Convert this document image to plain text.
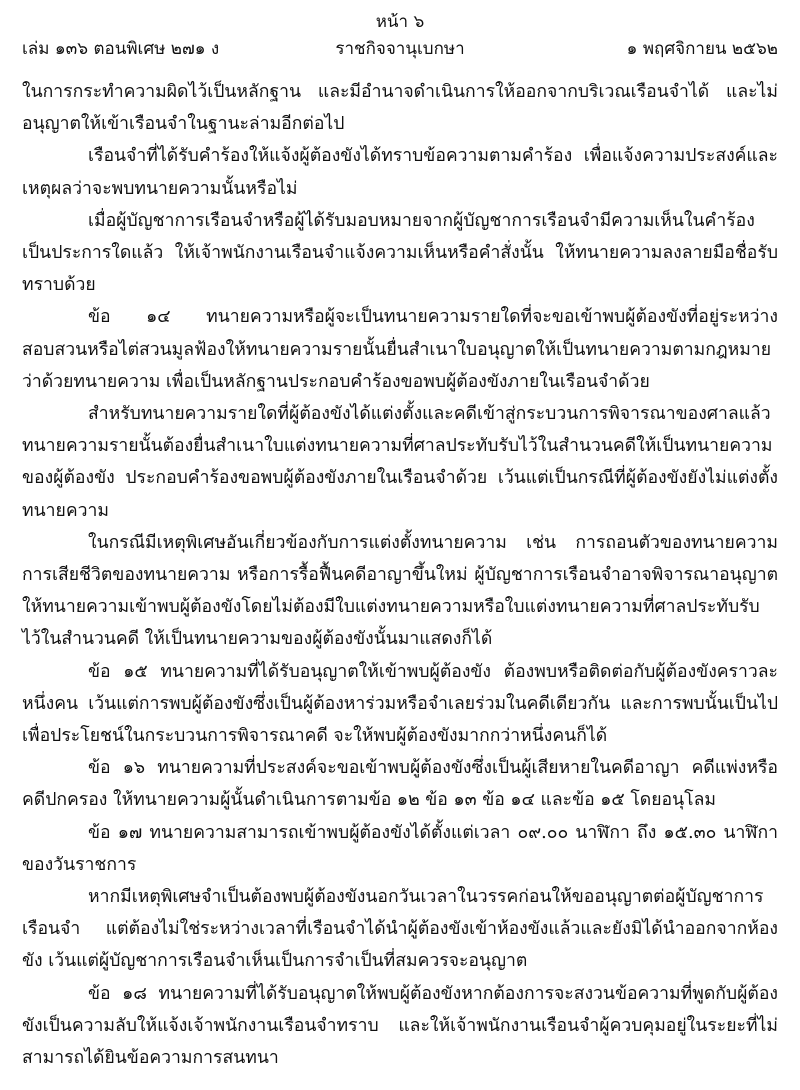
หน้า ๖
เล่ม ๑๓๖ ตอนพิเศษ ๒๗๑ ง	ราชกิจจานุเบกษา	๑ พฤศจิกายน ๒๕๖๒

ในการกระทำความผิดไว้เป็นหลักฐาน และมีอำนาจดำเนินการให้ออกจากบริเวณเรือนจำได้ และไม่อนุญาตให้เข้าเรือนจำในฐานะล่ามอีกต่อไป

เรือนจำที่ได้รับคำร้องให้แจ้งผู้ต้องขังได้ทราบข้อความตามคำร้อง เพื่อแจ้งความประสงค์และเหตุผลว่าจะพบทนายความนั้นหรือไม่

เมื่อผู้บัญชาการเรือนจำหรือผู้ได้รับมอบหมายจากผู้บัญชาการเรือนจำมีความเห็นในคำร้องเป็นประการใดแล้ว ให้เจ้าพนักงานเรือนจำแจ้งความเห็นหรือคำสั่งนั้น ให้ทนายความลงลายมือชื่อรับทราบด้วย

ข้อ ๑๔ ทนายความหรือผู้จะเป็นทนายความรายใดที่จะขอเข้าพบผู้ต้องขังที่อยู่ระหว่างสอบสวนหรือไต่สวนมูลฟ้องให้ทนายความรายนั้นยื่นสำเนาใบอนุญาตให้เป็นทนายความตามกฎหมายว่าด้วยทนายความ เพื่อเป็นหลักฐานประกอบคำร้องขอพบผู้ต้องขังภายในเรือนจำด้วย

สำหรับทนายความรายใดที่ผู้ต้องขังได้แต่งตั้งและคดีเข้าสู่กระบวนการพิจารณาของศาลแล้ว ทนายความรายนั้นต้องยื่นสำเนาใบแต่งทนายความที่ศาลประทับรับไว้ในสำนวนคดีให้เป็นทนายความของผู้ต้องขัง ประกอบคำร้องขอพบผู้ต้องขังภายในเรือนจำด้วย เว้นแต่เป็นกรณีที่ผู้ต้องขังยังไม่แต่งตั้งทนายความ

ในกรณีมีเหตุพิเศษอันเกี่ยวข้องกับการแต่งตั้งทนายความ เช่น การถอนตัวของทนายความ การเสียชีวิตของทนายความ หรือการรื้อฟื้นคดีอาญาขึ้นใหม่ ผู้บัญชาการเรือนจำอาจพิจารณาอนุญาตให้ทนายความเข้าพบผู้ต้องขังโดยไม่ต้องมีใบแต่งทนายความหรือใบแต่งทนายความที่ศาลประทับรับไว้ในสำนวนคดี ให้เป็นทนายความของผู้ต้องขังนั้นมาแสดงก็ได้

ข้อ ๑๕ ทนายความที่ได้รับอนุญาตให้เข้าพบผู้ต้องขัง ต้องพบหรือติดต่อกับผู้ต้องขังคราวละหนึ่งคน เว้นแต่การพบผู้ต้องขังซึ่งเป็นผู้ต้องหาร่วมหรือจำเลยร่วมในคดีเดียวกัน และการพบนั้นเป็นไปเพื่อประโยชน์ในกระบวนการพิจารณาคดี จะให้พบผู้ต้องขังมากกว่าหนึ่งคนก็ได้

ข้อ ๑๖ ทนายความที่ประสงค์จะขอเข้าพบผู้ต้องขังซึ่งเป็นผู้เสียหายในคดีอาญา คดีแพ่งหรือคดีปกครอง ให้ทนายความผู้นั้นดำเนินการตามข้อ ๑๒ ข้อ ๑๓ ข้อ ๑๔ และข้อ ๑๕ โดยอนุโลม

ข้อ ๑๗ ทนายความสามารถเข้าพบผู้ต้องขังได้ตั้งแต่เวลา ๐๙.๐๐ นาฬิกา ถึง ๑๕.๓๐ นาฬิกาของวันราชการ

หากมีเหตุพิเศษจำเป็นต้องพบผู้ต้องขังนอกวันเวลาในวรรคก่อนให้ขออนุญาตต่อผู้บัญชาการเรือนจำ แต่ต้องไม่ใช่ระหว่างเวลาที่เรือนจำได้นำผู้ต้องขังเข้าห้องขังแล้วและยังมิได้นำออกจากห้องขัง เว้นแต่ผู้บัญชาการเรือนจำเห็นเป็นการจำเป็นที่สมควรจะอนุญาต

ข้อ ๑๘ ทนายความที่ได้รับอนุญาตให้พบผู้ต้องขังหากต้องการจะสงวนข้อความที่พูดกับผู้ต้องขังเป็นความลับให้แจ้งเจ้าพนักงานเรือนจำทราบ และให้เจ้าพนักงานเรือนจำผู้ควบคุมอยู่ในระยะที่ไม่สามารถได้ยินข้อความการสนทนา
